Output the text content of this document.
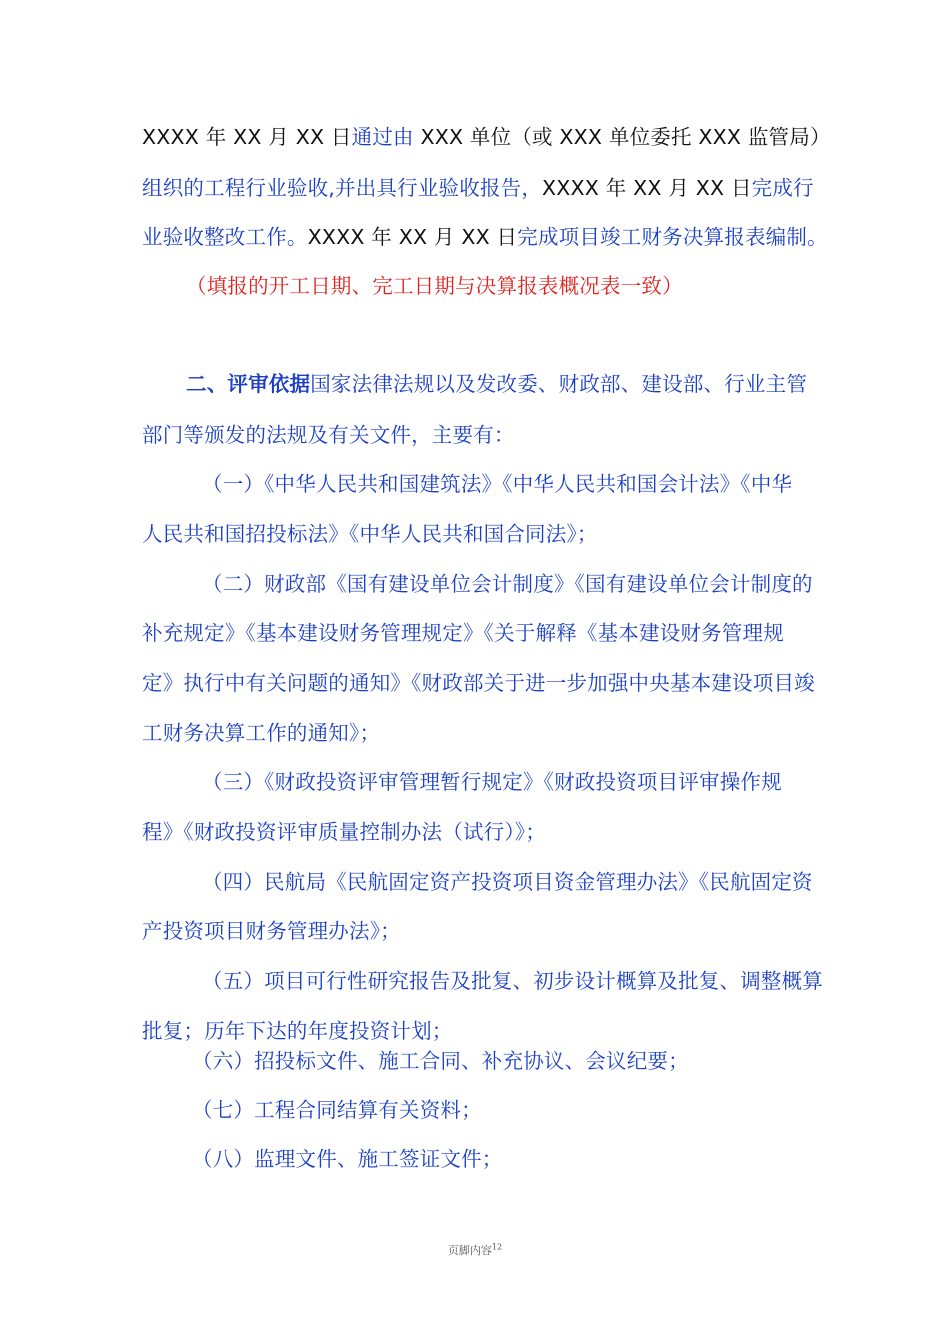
XXXX 年 XX 月 XX 日通过由 XXX 单位（或 XXX 单位委托 XXX 监管局）
组织的工程行业验收,并出具行业验收报告，XXXX 年 XX 月 XX 日完成行
业验收整改工作。XXXX 年 XX 月 XX 日完成项目竣工财务决算报表编制。
（填报的开工日期、完工日期与决算报表概况表一致）
二、评审依据国家法律法规以及发改委、财政部、建设部、行业主管
部门等颁发的法规及有关文件，主要有：
（一）《中华人民共和国建筑法》《中华人民共和国会计法》《中华
人民共和国招投标法》《中华人民共和国合同法》；
（二）财政部《国有建设单位会计制度》《国有建设单位会计制度的
补充规定》《基本建设财务管理规定》《关于解释《基本建设财务管理规
定》执行中有关问题的通知》《财政部关于进一步加强中央基本建设项目竣
工财务决算工作的通知》；
（三）《财政投资评审管理暂行规定》《财政投资项目评审操作规
程》《财政投资评审质量控制办法（试行）》；
（四）民航局《民航固定资产投资项目资金管理办法》《民航固定资
产投资项目财务管理办法》；
（五）项目可行性研究报告及批复、初步设计概算及批复、调整概算
批复；历年下达的年度投资计划；
（六）招投标文件、施工合同、补充协议、会议纪要；
（七）工程合同结算有关资料；
（八）监理文件、施工签证文件；
页脚内容$^{12}$
